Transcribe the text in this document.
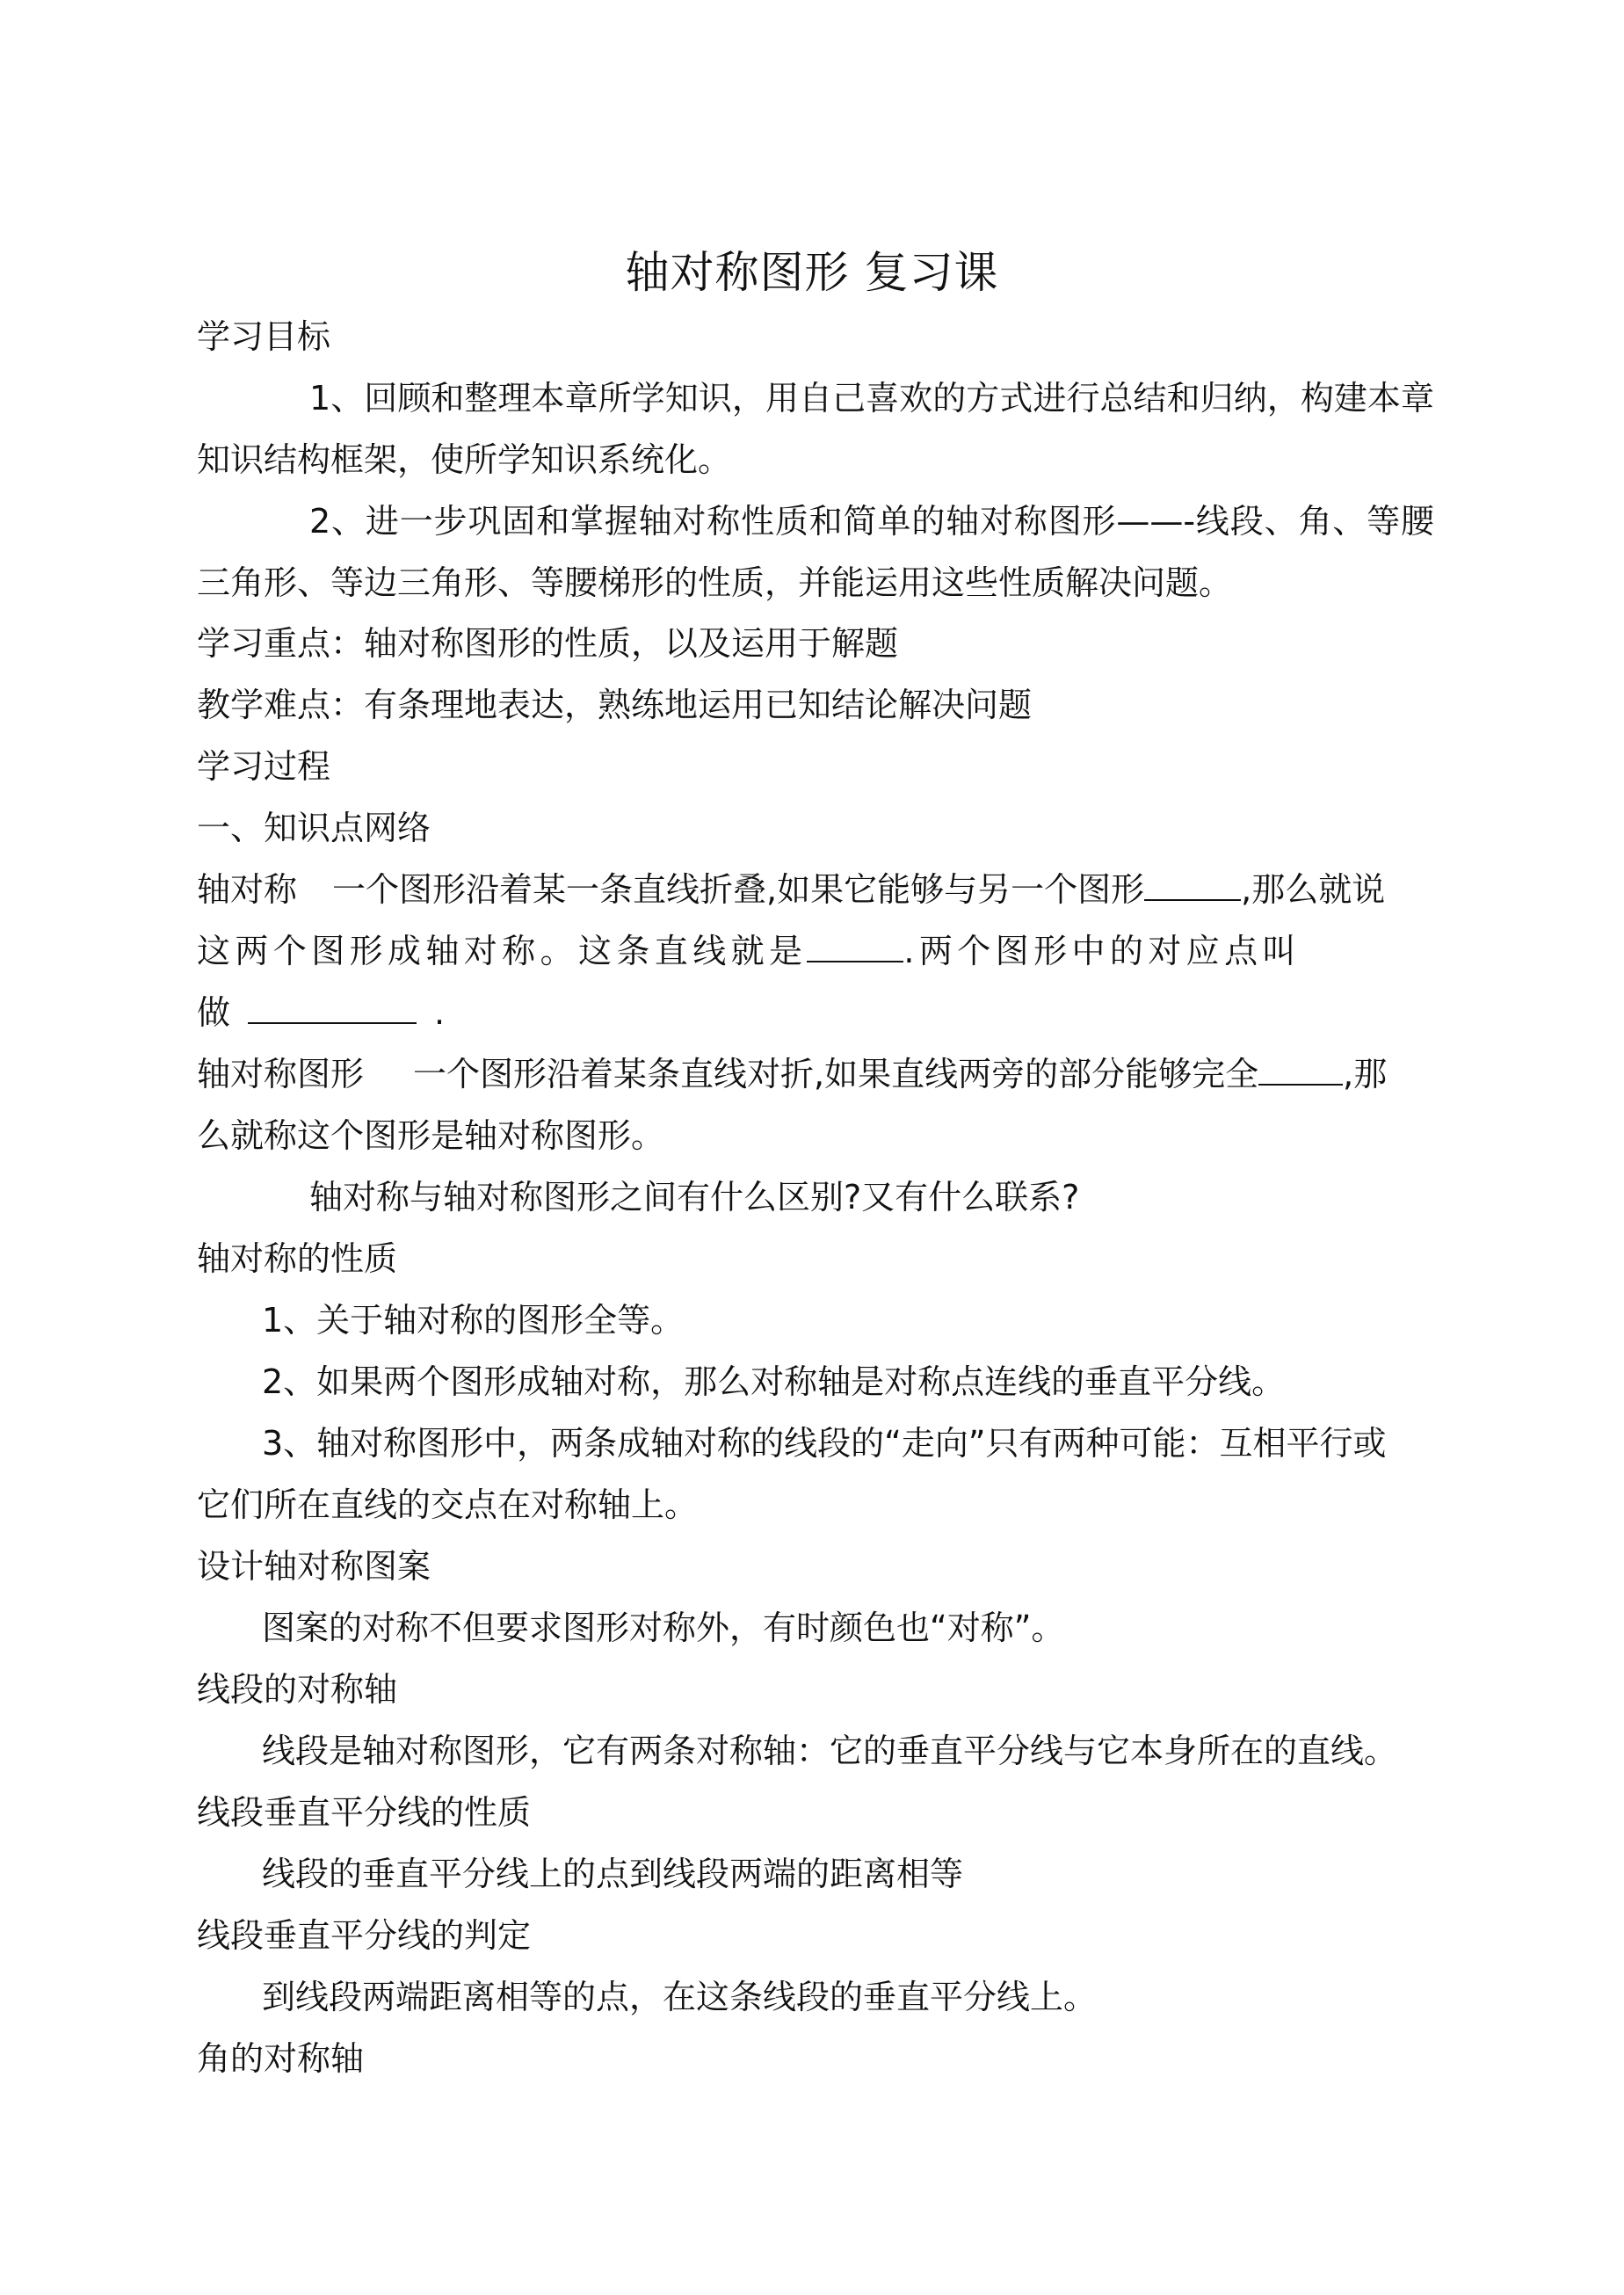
轴对称图形 复习课
学习目标
1、回顾和整理本章所学知识，用自己喜欢的方式进行总结和归纳，构建本章知识结构框架，使所学知识系统化。
2、进一步巩固和掌握轴对称性质和简单的轴对称图形——-线段、角、等腰三角形、等边三角形、等腰梯形的性质，并能运用这些性质解决问题。
学习重点：轴对称图形的性质，以及运用于解题
教学难点：有条理地表达，熟练地运用已知结论解决问题
学习过程
一、知识点网络
轴对称 一个图形沿着某一条直线折叠,如果它能够与另一个图形	,那么就说
这两个图形成轴对称。这条直线就是	.两个图形中的对应点叫
做	.
轴对称图形 一个图形沿着某条直线对折,如果直线两旁的部分能够完全	,那
么就称这个图形是轴对称图形。
轴对称与轴对称图形之间有什么区别?又有什么联系?
轴对称的性质
1、关于轴对称的图形全等。
2、如果两个图形成轴对称，那么对称轴是对称点连线的垂直平分线。
3、轴对称图形中，两条成轴对称的线段的“走向”只有两种可能：互相平行或
它们所在直线的交点在对称轴上。
设计轴对称图案
图案的对称不但要求图形对称外，有时颜色也“对称”。
线段的对称轴
线段是轴对称图形，它有两条对称轴：它的垂直平分线与它本身所在的直线。
线段垂直平分线的性质
线段的垂直平分线上的点到线段两端的距离相等
线段垂直平分线的判定
到线段两端距离相等的点，在这条线段的垂直平分线上。
角的对称轴
